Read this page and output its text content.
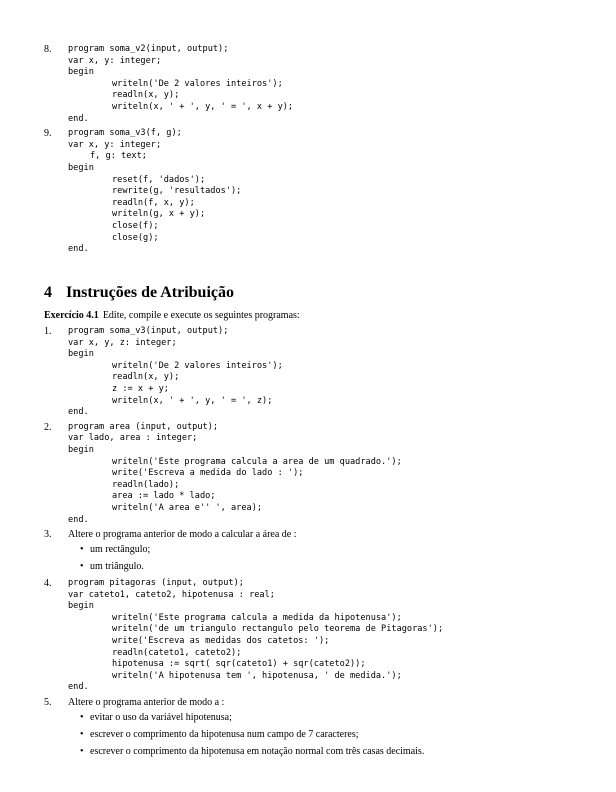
8. program soma_v2(input, output);
var x, y: integer;
begin
writeln('De 2 valores inteiros');
readln(x, y);
writeln(x, ' + ', y, ' = ', x + y);
end.
9. program soma_v3(f, g);
var x, y: integer;
f, g: text;
begin
reset(f, 'dados');
rewrite(g, 'resultados');
readln(f, x, y);
writeln(g, x + y);
close(f);
close(g);
end.
4 Instruções de Atribuição
Exercício 4.1 Edite, compile e execute os seguintes programas:
1. program soma_v3(input, output);
var x, y, z: integer;
begin
writeln('De 2 valores inteiros');
readln(x, y);
z := x + y;
writeln(x, ' + ', y, ' = ', z);
end.
2. program area (input, output);
var lado, area : integer;
begin
writeln('Este programa calcula a area de um quadrado.');
write('Escreva a medida do lado : ');
readln(lado);
area := lado * lado;
writeln('A area e'' ', area);
end.
3. Altere o programa anterior de modo a calcular a área de :
• um rectângulo;
• um triângulo.
4. program pitagoras (input, output);
var cateto1, cateto2, hipotenusa : real;
begin
writeln('Este programa calcula a medida da hipotenusa');
writeln('de um triangulo rectangulo pelo teorema de Pitagoras');
write('Escreva as medidas dos catetos: ');
readln(cateto1, cateto2);
hipotenusa := sqrt( sqr(cateto1) + sqr(cateto2));
writeln('A hipotenusa tem ', hipotenusa, ' de medida.');
end.
5. Altere o programa anterior de modo a :
• evitar o uso da variável hipotenusa;
• escrever o comprimento da hipotenusa num campo de 7 caracteres;
• escrever o comprimento da hipotenusa em notação normal com três casas decimais.
